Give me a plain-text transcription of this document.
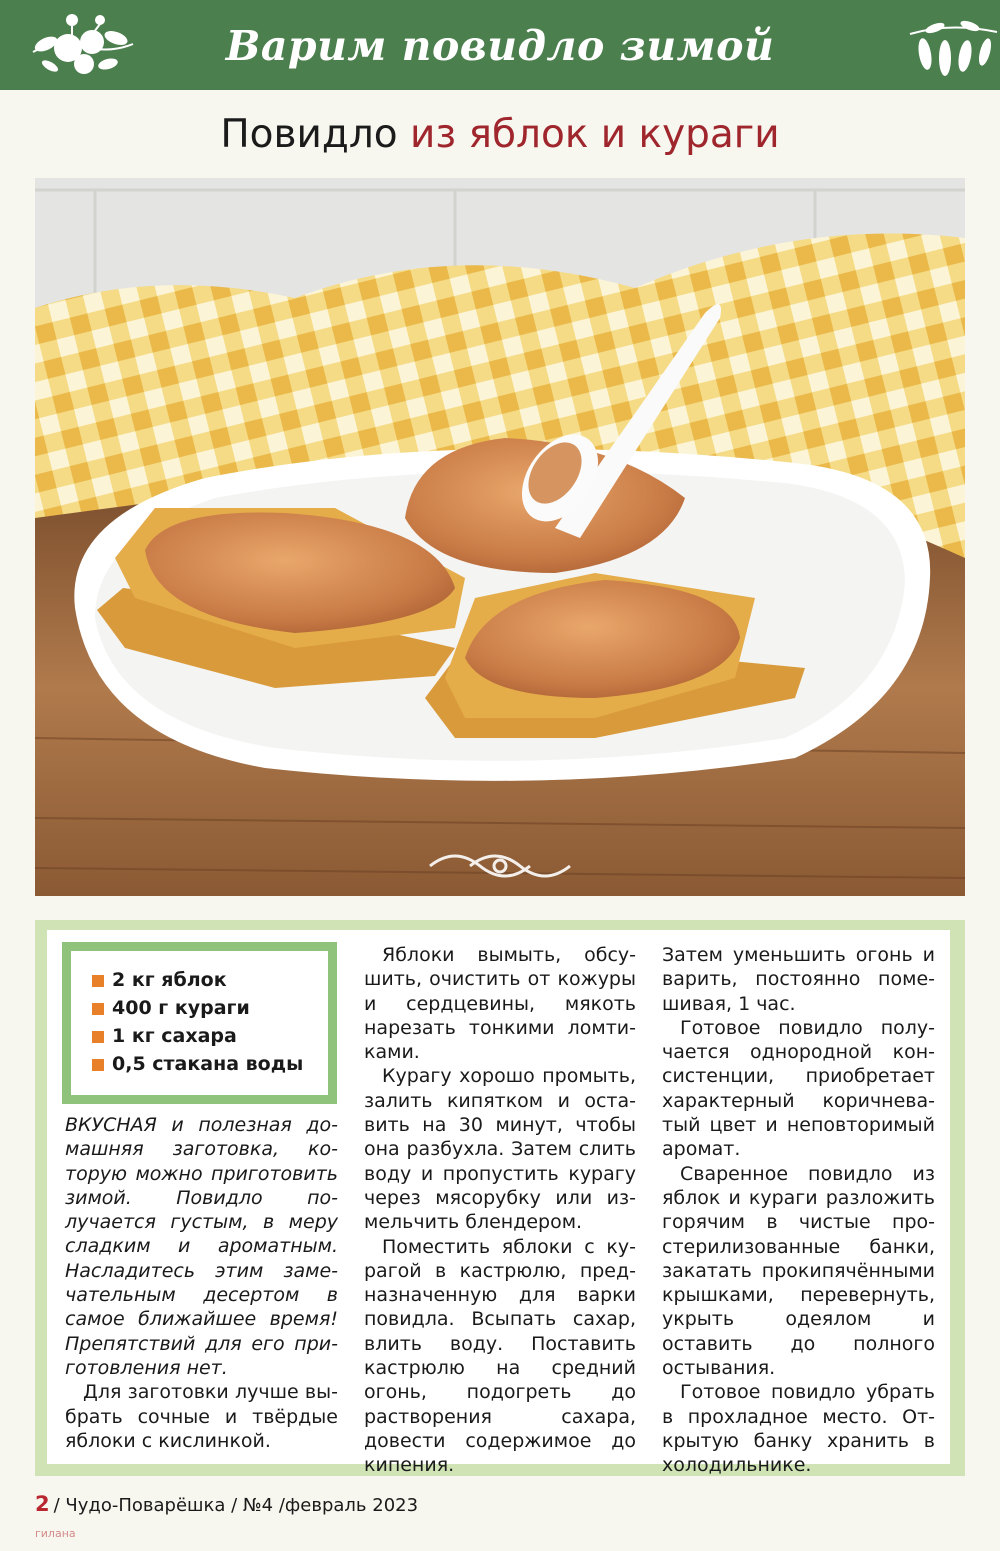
Варим повидло зимой
Повидло из яблок и кураги
2 кг яблок
400 г кураги
1 кг сахара
0,5 стакана воды

ВКУСНАЯ и полезная домашняя заготовка, которую можно приготовить зимой. Повидло получается густым, в меру сладким и ароматным. Насладитесь этим замечательным десертом в самое ближайшее время! Препятствий для его приготовления нет.

Для заготовки лучше выбрать сочные и твёрдые яблоки с кислинкой.

Яблоки вымыть, обсушить, очистить от кожуры и сердцевины, мякоть нарезать тонкими ломтиками.

Курагу хорошо промыть, залить кипятком и оставить на 30 минут, чтобы она разбухла. Затем слить воду и пропустить курагу через мясорубку или измельчить блендером.

Поместить яблоки с курагой в кастрюлю, предназначенную для варки повидла. Всыпать сахар, влить воду. Поставить кастрюлю на средний огонь, подогреть до растворения сахара, довести содержимое до кипения.

Затем уменьшить огонь и варить, постоянно помешивая, 1 час.

Готовое повидло получается однородной консистенции, приобретает характерный коричневатый цвет и неповторимый аромат.

Сваренное повидло из яблок и кураги разложить горячим в чистые простерилизованные банки, закатать прокипячёнными крышками, перевернуть, укрыть одеялом и оставить до полного остывания.

Готовое повидло убрать в прохладное место. Открытую банку хранить в холодильнике.

2 / Чудо-Поварёшка / №4 /февраль 2023
гилана
